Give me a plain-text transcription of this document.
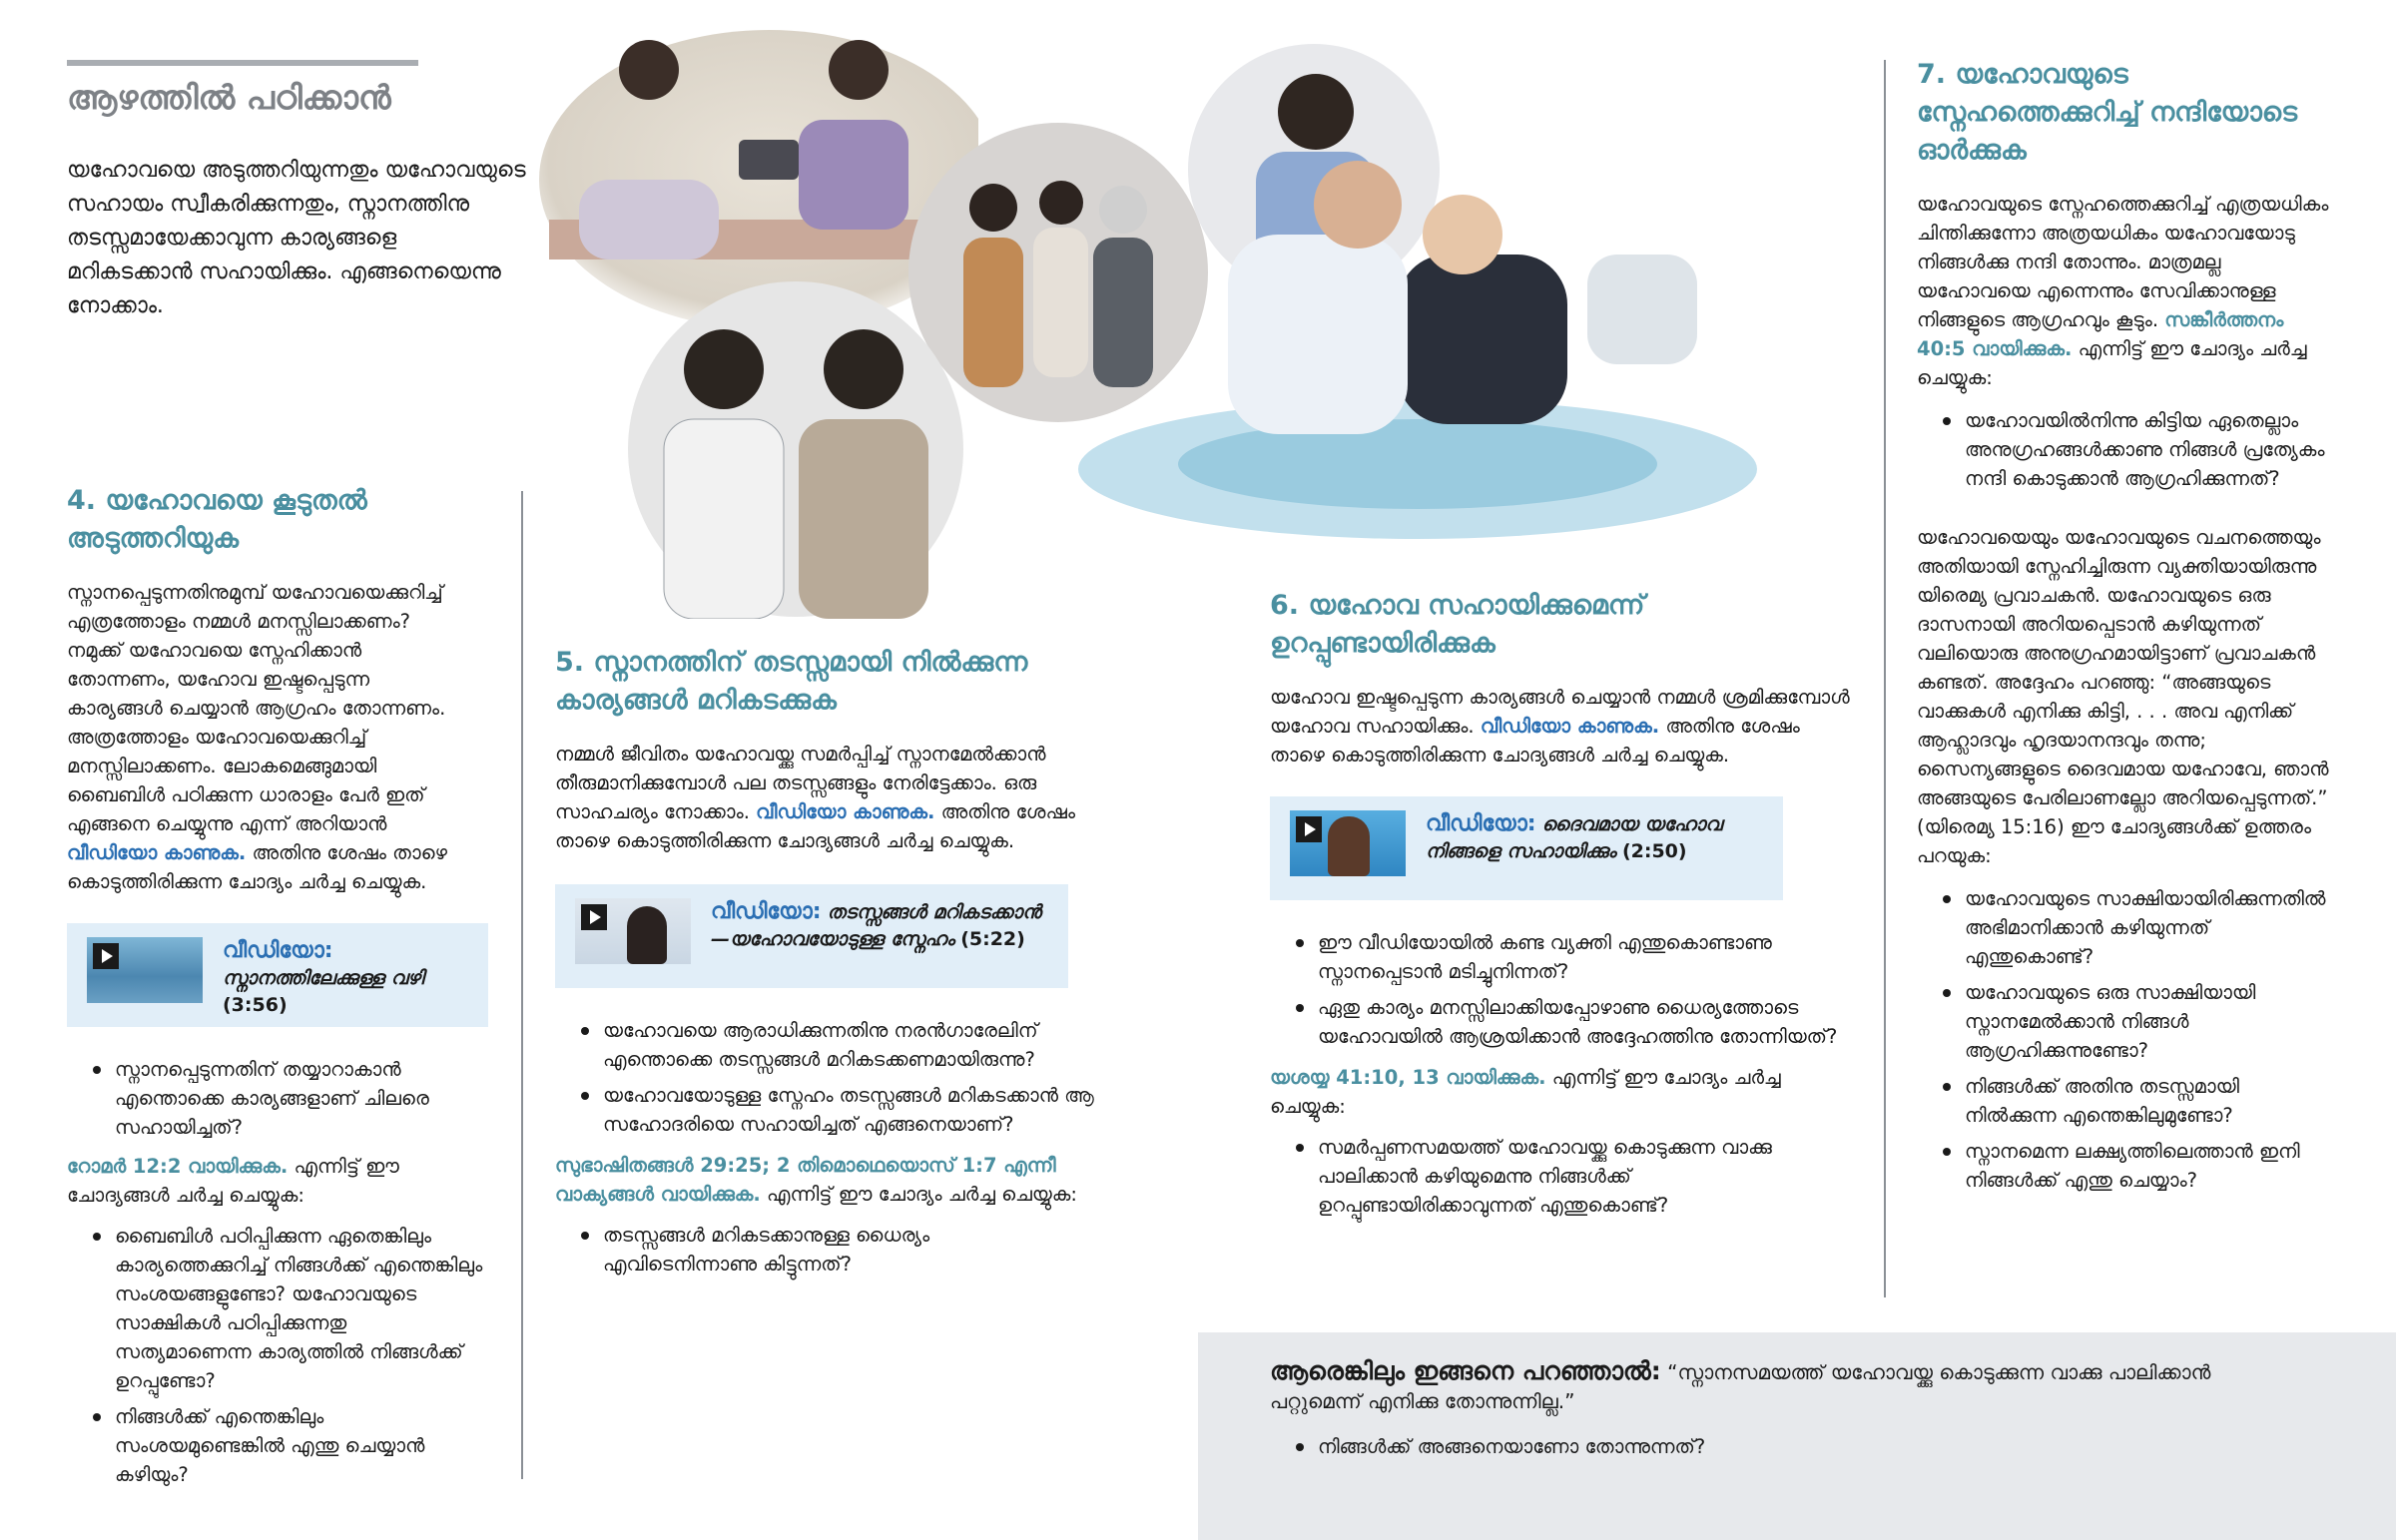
ആഴത്തിൽ പഠിക്കാൻ
യഹോവയെ അടുത്തറിയുന്നതും യഹോവയുടെ സഹായം സ്വീകരിക്കുന്നതും, സ്നാനത്തിനു തടസ്സമായേക്കാവുന്ന കാര്യങ്ങളെ മറികടക്കാൻ സഹായിക്കും. എങ്ങനെയെന്നു നോക്കാം.
4. യഹോവയെ കൂടുതൽ അടുത്തറിയുക
സ്നാനപ്പെടുന്നതിനുമുമ്പ് യഹോവയെക്കുറിച്ച് എത്രത്തോളം നമ്മൾ മനസ്സിലാക്കണം? നമുക്ക് യഹോവയെ സ്നേഹിക്കാൻ തോന്നണം, യഹോവ ഇഷ്ടപ്പെടുന്ന കാര്യങ്ങൾ ചെയ്യാൻ ആഗ്രഹം തോന്നണം. അത്രത്തോളം യഹോവയെക്കുറിച്ച് മനസ്സിലാക്കണം. ലോകമെങ്ങുമായി ബൈബിൾ പഠിക്കുന്ന ധാരാളം പേർ ഇത് എങ്ങനെ ചെയ്യുന്നു എന്ന് അറിയാൻ വീഡിയോ കാണുക. അതിനു ശേഷം താഴെ കൊടുത്തിരിക്കുന്ന ചോദ്യം ചർച്ച ചെയ്യുക.
വീഡിയോ:
സ്നാനത്തിലേക്കുള്ള വഴി
(3:56)
സ്നാനപ്പെടുന്നതിന് തയ്യാറാകാൻ എന്തൊക്കെ കാര്യങ്ങളാണ് ചിലരെ സഹായിച്ചത്?
റോമർ 12:2 വായിക്കുക. എന്നിട്ട് ഈ ചോദ്യങ്ങൾ ചർച്ച ചെയ്യുക:
ബൈബിൾ പഠിപ്പിക്കുന്ന ഏതെങ്കിലും കാര്യത്തെക്കുറിച്ച് നിങ്ങൾക്ക് എന്തെങ്കിലും സംശയങ്ങളുണ്ടോ? യഹോവയുടെ സാക്ഷികൾ പഠിപ്പിക്കുന്നതു സത്യമാണെന്ന കാര്യത്തിൽ നിങ്ങൾക്ക് ഉറപ്പുണ്ടോ?
നിങ്ങൾക്ക് എന്തെങ്കിലും സംശയമുണ്ടെങ്കിൽ എന്തു ചെയ്യാൻ കഴിയും?
5. സ്നാനത്തിന് തടസ്സമായി നിൽക്കുന്ന കാര്യങ്ങൾ മറികടക്കുക
നമ്മൾ ജീവിതം യഹോവയ്ക്കു സമർപ്പിച്ച് സ്നാനമേൽക്കാൻ തീരുമാനിക്കുമ്പോൾ പല തടസ്സങ്ങളും നേരിട്ടേക്കാം. ഒരു സാഹചര്യം നോക്കാം. വീഡിയോ കാണുക. അതിനു ശേഷം താഴെ കൊടുത്തിരിക്കുന്ന ചോദ്യങ്ങൾ ചർച്ച ചെയ്യുക.
വീഡിയോ: തടസ്സങ്ങൾ മറികടക്കാൻ—യഹോവയോടുള്ള സ്നേഹം (5:22)
യഹോവയെ ആരാധിക്കുന്നതിനു നരൻഗാരേലിന് എന്തൊക്കെ തടസ്സങ്ങൾ മറികടക്കണമായിരുന്നു?
യഹോവയോടുള്ള സ്നേഹം തടസ്സങ്ങൾ മറികടക്കാൻ ആ സഹോദരിയെ സഹായിച്ചത് എങ്ങനെയാണ്?
സുഭാഷിതങ്ങൾ 29:25; 2 തിമൊഥെയൊസ് 1:7 എന്നീ വാക്യങ്ങൾ വായിക്കുക. എന്നിട്ട് ഈ ചോദ്യം ചർച്ച ചെയ്യുക:
തടസ്സങ്ങൾ മറികടക്കാനുള്ള ധൈര്യം എവിടെനിന്നാണു കിട്ടുന്നത്?
6. യഹോവ സഹായിക്കുമെന്ന് ഉറപ്പുണ്ടായിരിക്കുക
യഹോവ ഇഷ്ടപ്പെടുന്ന കാര്യങ്ങൾ ചെയ്യാൻ നമ്മൾ ശ്രമിക്കുമ്പോൾ യഹോവ സഹായിക്കും. വീഡിയോ കാണുക. അതിനു ശേഷം താഴെ കൊടുത്തിരിക്കുന്ന ചോദ്യങ്ങൾ ചർച്ച ചെയ്യുക.
വീഡിയോ: ദൈവമായ യഹോവ നിങ്ങളെ സഹായിക്കും (2:50)
ഈ വീഡിയോയിൽ കണ്ട വ്യക്തി എന്തുകൊണ്ടാണു സ്നാനപ്പെടാൻ മടിച്ചുനിന്നത്?
ഏതു കാര്യം മനസ്സിലാക്കിയപ്പോഴാണു ധൈര്യത്തോടെ യഹോവയിൽ ആശ്രയിക്കാൻ അദ്ദേഹത്തിനു തോന്നിയത്?
യശയ്യ 41:10, 13 വായിക്കുക. എന്നിട്ട് ഈ ചോദ്യം ചർച്ച ചെയ്യുക:
സമർപ്പണസമയത്ത് യഹോവയ്ക്കു കൊടുക്കുന്ന വാക്കു പാലിക്കാൻ കഴിയുമെന്നു നിങ്ങൾക്ക് ഉറപ്പുണ്ടായിരിക്കാവുന്നത് എന്തുകൊണ്ട്?
7. യഹോവയുടെ സ്നേഹത്തെക്കുറിച്ച് നന്ദിയോടെ ഓർക്കുക
യഹോവയുടെ സ്നേഹത്തെക്കുറിച്ച് എത്രയധികം ചിന്തിക്കുന്നോ അത്രയധികം യഹോവയോടു നിങ്ങൾക്കു നന്ദി തോന്നും. മാത്രമല്ല യഹോവയെ എന്നെന്നും സേവിക്കാനുള്ള നിങ്ങളുടെ ആഗ്രഹവും കൂടും. സങ്കീർത്തനം 40:5 വായിക്കുക. എന്നിട്ട് ഈ ചോദ്യം ചർച്ച ചെയ്യുക:
യഹോവയിൽനിന്നു കിട്ടിയ ഏതെല്ലാം അനുഗ്രഹങ്ങൾക്കാണു നിങ്ങൾ പ്രത്യേകം നന്ദി കൊടുക്കാൻ ആഗ്രഹിക്കുന്നത്?
യഹോവയെയും യഹോവയുടെ വചനത്തെയും അതിയായി സ്നേഹിച്ചിരുന്ന വ്യക്തിയായിരുന്നു യിരെമ്യ പ്രവാചകൻ. യഹോവയുടെ ഒരു ദാസനായി അറിയപ്പെടാൻ കഴിയുന്നത് വലിയൊരു അനുഗ്രഹമായിട്ടാണ് പ്രവാചകൻ കണ്ടത്. അദ്ദേഹം പറഞ്ഞു: “അങ്ങയുടെ വാക്കുകൾ എനിക്കു കിട്ടി, . . . അവ എനിക്ക് ആഹ്ലാദവും ഹൃദയാനന്ദവും തന്നു; സൈന്യങ്ങളുടെ ദൈവമായ യഹോവേ, ഞാൻ അങ്ങയുടെ പേരിലാണല്ലോ അറിയപ്പെടുന്നത്.” (യിരെമ്യ 15:16) ഈ ചോദ്യങ്ങൾക്ക് ഉത്തരം പറയുക:
യഹോവയുടെ സാക്ഷിയായിരിക്കുന്നതിൽ അഭിമാനിക്കാൻ കഴിയുന്നത് എന്തുകൊണ്ട്?
യഹോവയുടെ ഒരു സാക്ഷിയായി സ്നാനമേൽക്കാൻ നിങ്ങൾ ആഗ്രഹിക്കുന്നുണ്ടോ?
നിങ്ങൾക്ക് അതിനു തടസ്സമായി നിൽക്കുന്ന എന്തെങ്കിലുമുണ്ടോ?
സ്നാനമെന്ന ലക്ഷ്യത്തിലെത്താൻ ഇനി നിങ്ങൾക്ക് എന്തു ചെയ്യാം?
ആരെങ്കിലും ഇങ്ങനെ പറഞ്ഞാൽ: “സ്നാനസമയത്ത് യഹോവയ്ക്കു കൊടുക്കുന്ന വാക്കു പാലിക്കാൻ പറ്റുമെന്ന് എനിക്കു തോന്നുന്നില്ല.”
നിങ്ങൾക്ക് അങ്ങനെയാണോ തോന്നുന്നത്?
